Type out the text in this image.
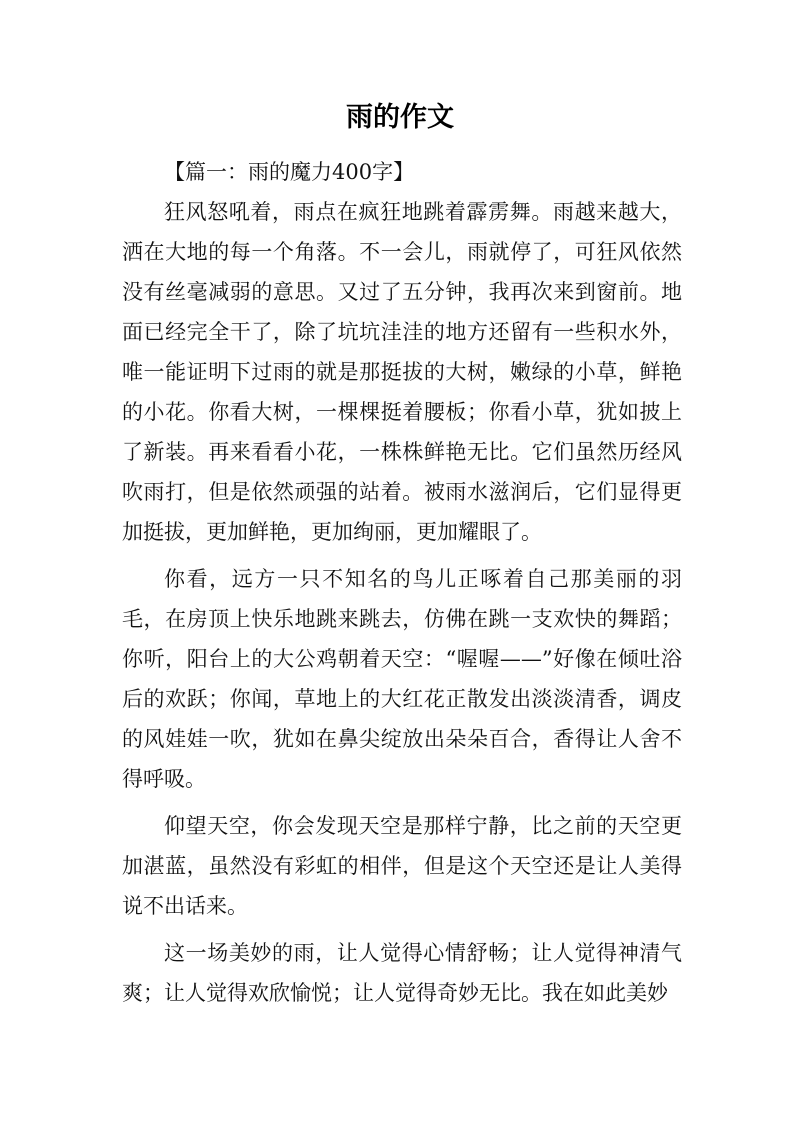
雨的作文

【篇一：雨的魔力400字】

狂风怒吼着，雨点在疯狂地跳着霹雳舞。雨越来越大，洒在大地的每一个角落。不一会儿，雨就停了，可狂风依然没有丝毫减弱的意思。又过了五分钟，我再次来到窗前。地面已经完全干了，除了坑坑洼洼的地方还留有一些积水外，唯一能证明下过雨的就是那挺拔的大树，嫩绿的小草，鲜艳的小花。你看大树，一棵棵挺着腰板；你看小草，犹如披上了新装。再来看看小花，一株株鲜艳无比。它们虽然历经风吹雨打，但是依然顽强的站着。被雨水滋润后，它们显得更加挺拔，更加鲜艳，更加绚丽，更加耀眼了。

你看，远方一只不知名的鸟儿正啄着自己那美丽的羽毛，在房顶上快乐地跳来跳去，仿佛在跳一支欢快的舞蹈；你听，阳台上的大公鸡朝着天空：“喔喔——”好像在倾吐浴后的欢跃；你闻，草地上的大红花正散发出淡淡清香，调皮的风娃娃一吹，犹如在鼻尖绽放出朵朵百合，香得让人舍不得呼吸。

仰望天空，你会发现天空是那样宁静，比之前的天空更加湛蓝，虽然没有彩虹的相伴，但是这个天空还是让人美得说不出话来。

这一场美妙的雨，让人觉得心情舒畅；让人觉得神清气爽；让人觉得欢欣愉悦；让人觉得奇妙无比。我在如此美妙
